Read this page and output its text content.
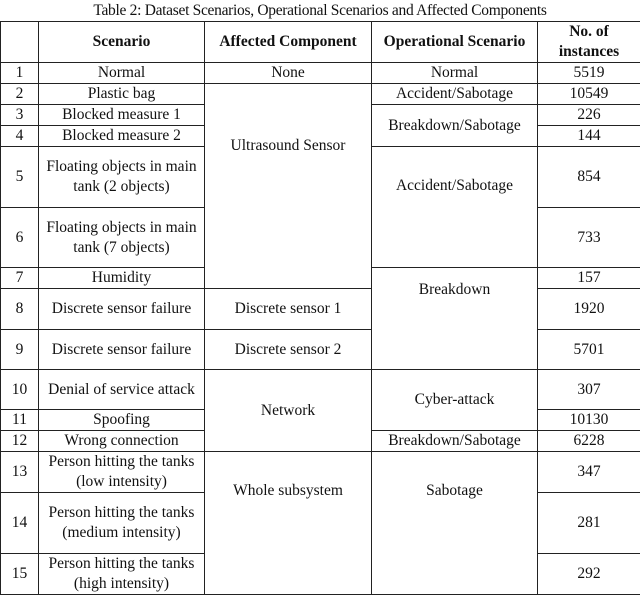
Table 2: Dataset Scenarios, Operational Scenarios and Affected Components
	Scenario	Affected Component	Operational Scenario	No. of instances
1	Normal	None	Normal	5519
2	Plastic bag	Ultrasound Sensor	Accident/Sabotage	10549
3	Blocked measure 1		Breakdown/Sabotage	226
4	Blocked measure 2			144
5	Floating objects in main tank (2 objects)		Accident/Sabotage	854
6	Floating objects in main tank (7 objects)			733
7	Humidity		Breakdown	157
8	Discrete sensor failure	Discrete sensor 1		1920
9	Discrete sensor failure	Discrete sensor 2		5701
10	Denial of service attack	Network	Cyber-attack	307
11	Spoofing			10130
12	Wrong connection		Breakdown/Sabotage	6228
13	Person hitting the tanks (low intensity)	Whole subsystem	Sabotage	347
14	Person hitting the tanks (medium intensity)			281
15	Person hitting the tanks (high intensity)			292
